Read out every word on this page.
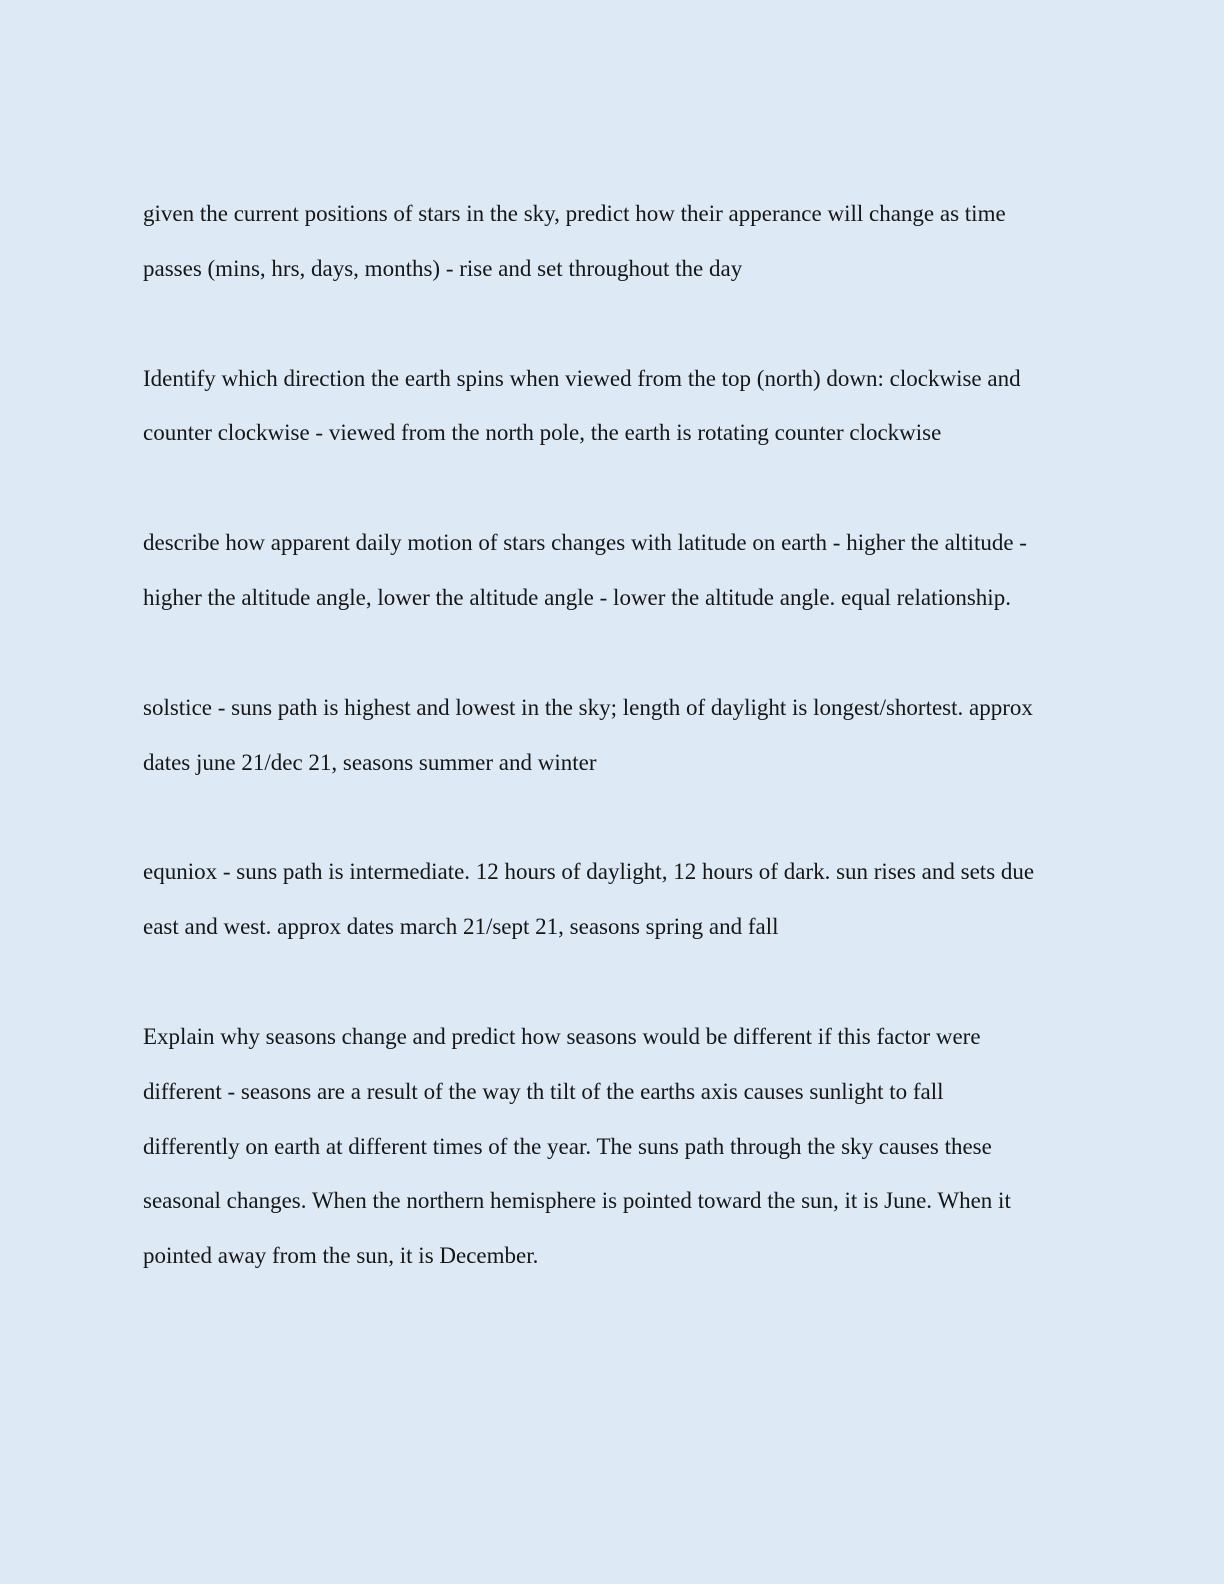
given the current positions of stars in the sky, predict how their apperance will change as time
passes (mins, hrs, days, months) - rise and set throughout the day

Identify which direction the earth spins when viewed from the top (north) down: clockwise and
counter clockwise - viewed from the north pole, the earth is rotating counter clockwise

describe how apparent daily motion of stars changes with latitude on earth - higher the altitude -
higher the altitude angle, lower the altitude angle - lower the altitude angle. equal relationship.

solstice - suns path is highest and lowest in the sky; length of daylight is longest/shortest. approx
dates june 21/dec 21, seasons summer and winter

equniox - suns path is intermediate. 12 hours of daylight, 12 hours of dark. sun rises and sets due
east and west. approx dates march 21/sept 21, seasons spring and fall

Explain why seasons change and predict how seasons would be different if this factor were
different - seasons are a result of the way th tilt of the earths axis causes sunlight to fall
differently on earth at different times of the year. The suns path through the sky causes these
seasonal changes. When the northern hemisphere is pointed toward the sun, it is June. When it
pointed away from the sun, it is December.
